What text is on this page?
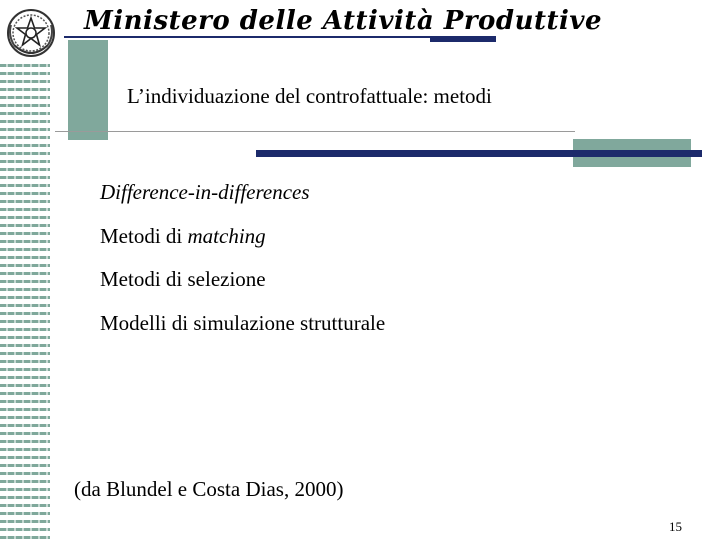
Ministero delle Attività Produttive
L’individuazione del controfattuale: metodi
Difference-in-differences
Metodi di matching
Metodi di selezione
Modelli di simulazione strutturale
(da Blundel e Costa Dias, 2000)
15
